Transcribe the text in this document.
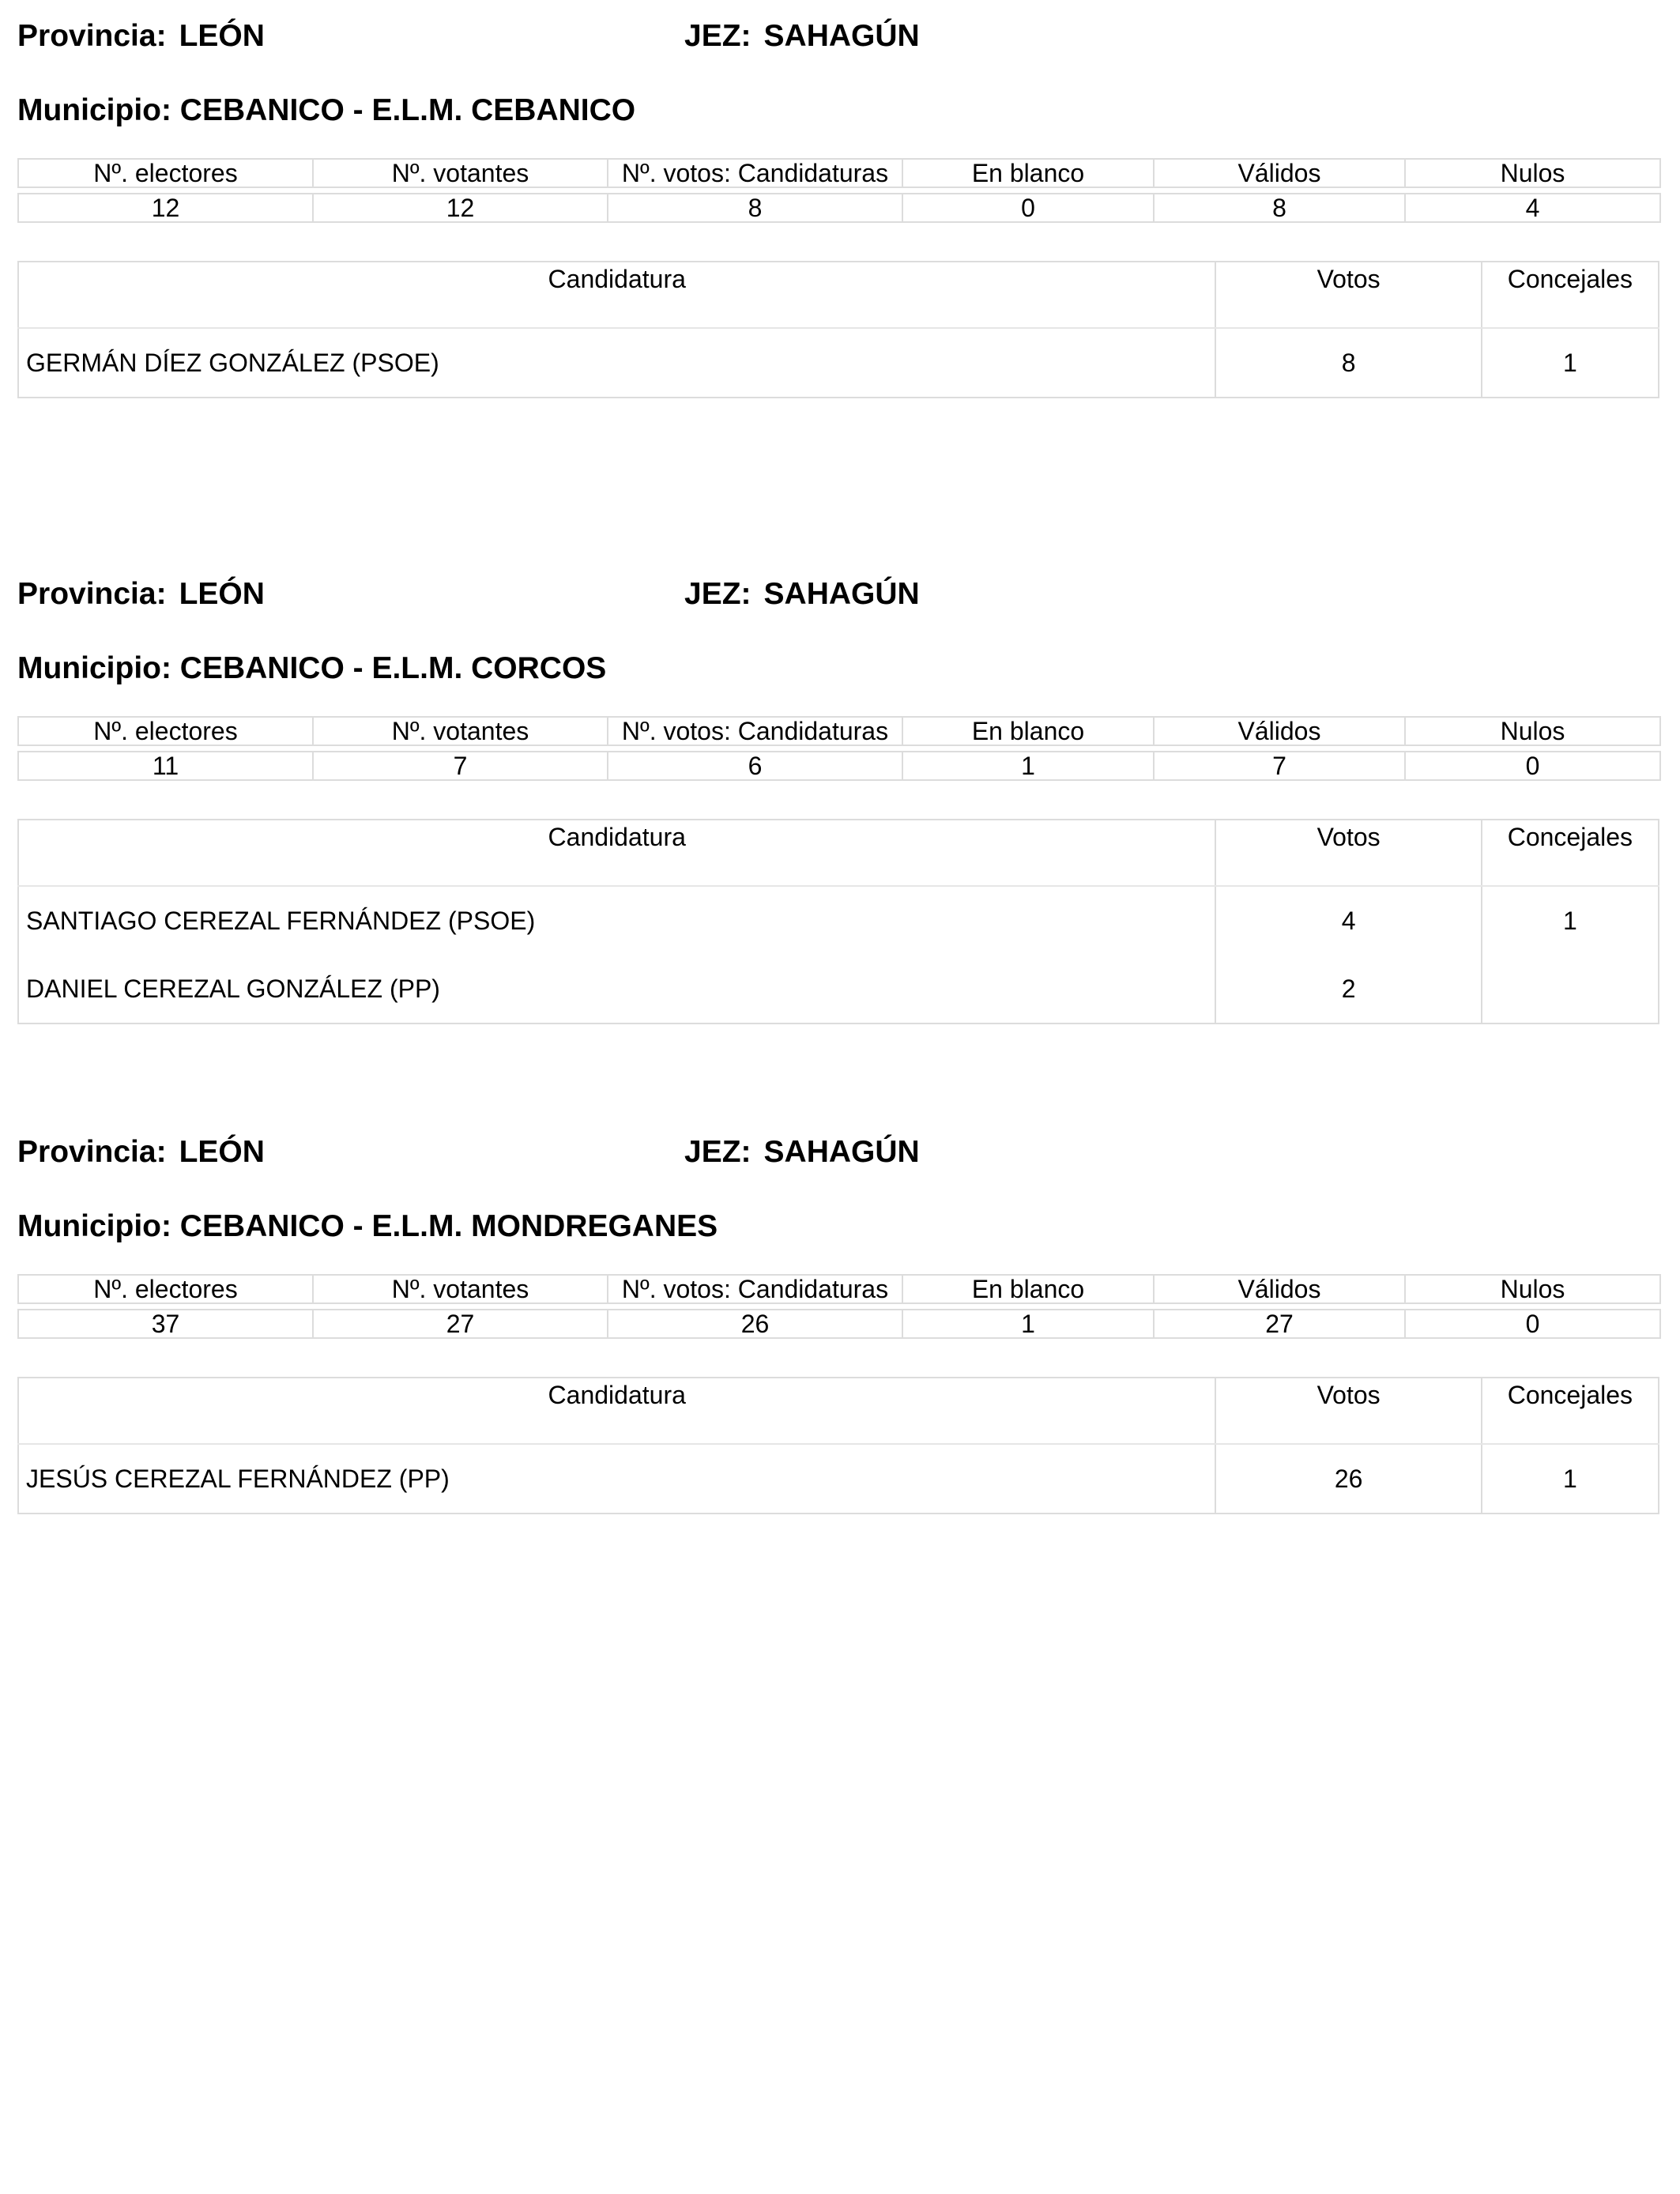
Provincia: LEÓN	JEZ: SAHAGÚN
Municipio: CEBANICO - E.L.M. CEBANICO
Nº. electores	Nº. votantes	Nº. votos: Candidaturas	En blanco	Válidos	Nulos

12	12	8	0	8	4
Candidatura	Votos	Concejales
GERMÁN DÍEZ GONZÁLEZ (PSOE)	8	1
Provincia: LEÓN	JEZ: SAHAGÚN
Municipio: CEBANICO - E.L.M. CORCOS
Nº. electores	Nº. votantes	Nº. votos: Candidaturas	En blanco	Válidos	Nulos

11	7	6	1	7	0
Candidatura	Votos	Concejales
SANTIAGO CEREZAL FERNÁNDEZ (PSOE)	4	1
DANIEL CEREZAL GONZÁLEZ (PP)	2	
Provincia: LEÓN	JEZ: SAHAGÚN
Municipio: CEBANICO - E.L.M. MONDREGANES
Nº. electores	Nº. votantes	Nº. votos: Candidaturas	En blanco	Válidos	Nulos

37	27	26	1	27	0
Candidatura	Votos	Concejales
JESÚS CEREZAL FERNÁNDEZ (PP)	26	1
